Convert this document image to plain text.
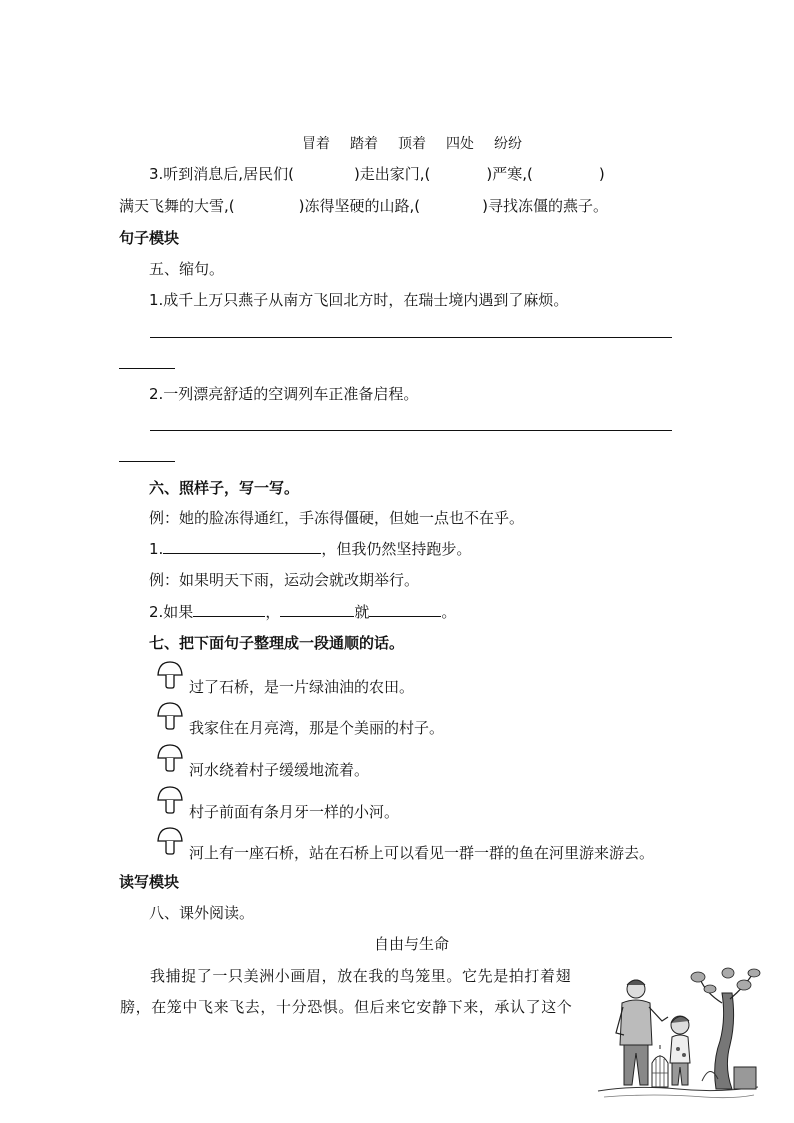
冒着 踏着 顶着 四处 纷纷
3.听到消息后,居民们(	)走出家门,(	)严寒,(	)
满天飞舞的大雪,(	)冻得坚硬的山路,(	)寻找冻僵的燕子。
句子模块
五、缩句。
1.成千上万只燕子从南方飞回北方时，在瑞士境内遇到了麻烦。
2.一列漂亮舒适的空调列车正准备启程。
六、照样子，写一写。
例：她的脸冻得通红，手冻得僵硬，但她一点也不在乎。
1.	，但我仍然坚持跑步。
例：如果明天下雨，运动会就改期举行。
2.如果	，	就	。
七、把下面句子整理成一段通顺的话。
过了石桥，是一片绿油油的农田。
我家住在月亮湾，那是个美丽的村子。
河水绕着村子缓缓地流着。
村子前面有条月牙一样的小河。
河上有一座石桥，站在石桥上可以看见一群一群的鱼在河里游来游去。
读写模块
八、课外阅读。
自由与生命
我捕捉了一只美洲小画眉，放在我的鸟笼里。它先是拍打着翅
膀，在笼中飞来飞去，十分恐惧。但后来它安静下来，承认了这个
